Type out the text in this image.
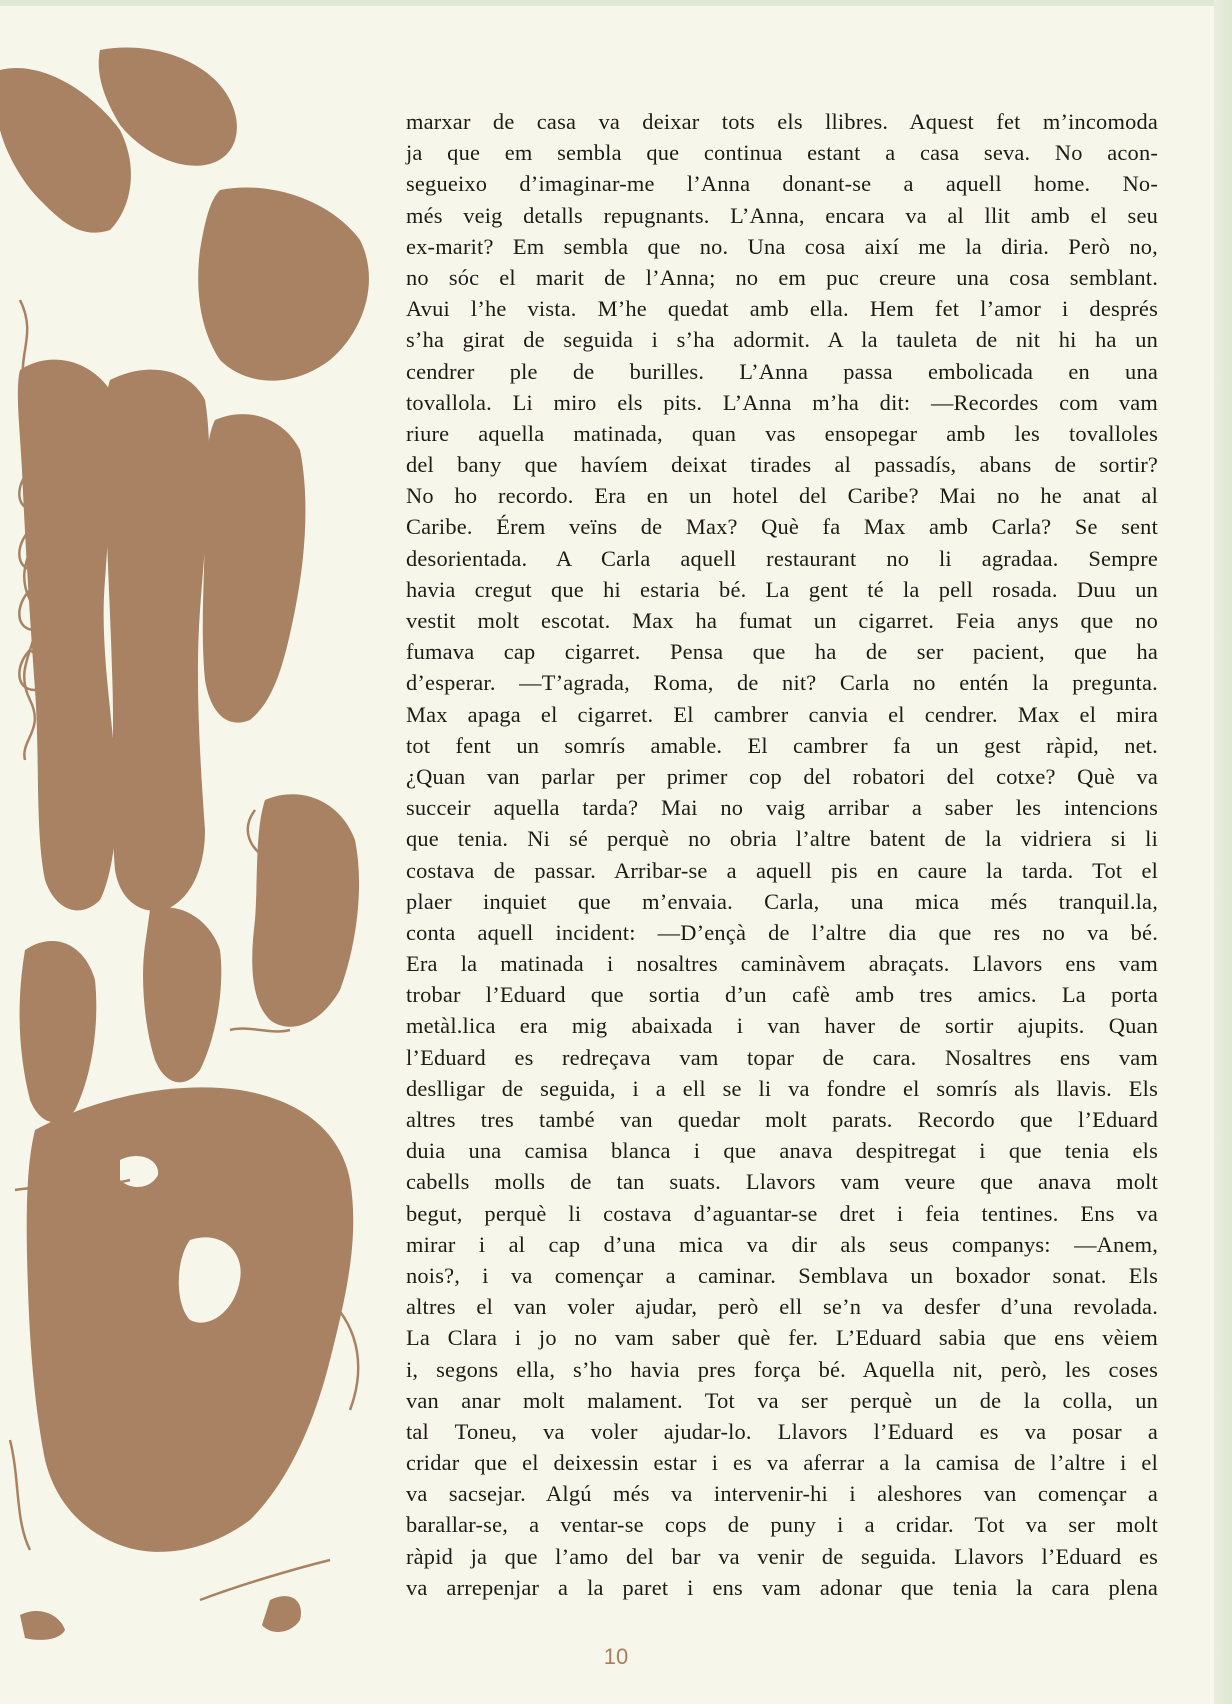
marxar de casa va deixar tots els llibres. Aquest fet m’incomoda
ja que em sembla que continua estant a casa seva. No acon-
segueixo d’imaginar-me l’Anna donant-se a aquell home. No-
més veig detalls repugnants. L’Anna, encara va al llit amb el seu
ex-marit? Em sembla que no. Una cosa així me la diria. Però no,
no sóc el marit de l’Anna; no em puc creure una cosa semblant.
Avui l’he vista. M’he quedat amb ella. Hem fet l’amor i després
s’ha girat de seguida i s’ha adormit. A la tauleta de nit hi ha un
cendrer ple de burilles. L’Anna passa embolicada en una
tovallola. Li miro els pits. L’Anna m’ha dit: —Recordes com vam
riure aquella matinada, quan vas ensopegar amb les tovalloles
del bany que havíem deixat tirades al passadís, abans de sortir?
No ho recordo. Era en un hotel del Caribe? Mai no he anat al
Caribe. Érem veïns de Max? Què fa Max amb Carla? Se sent
desorientada. A Carla aquell restaurant no li agradaa. Sempre
havia cregut que hi estaria bé. La gent té la pell rosada. Duu un
vestit molt escotat. Max ha fumat un cigarret. Feia anys que no
fumava cap cigarret. Pensa que ha de ser pacient, que ha
d’esperar. —T’agrada, Roma, de nit? Carla no entén la pregunta.
Max apaga el cigarret. El cambrer canvia el cendrer. Max el mira
tot fent un somrís amable. El cambrer fa un gest ràpid, net.
¿Quan van parlar per primer cop del robatori del cotxe? Què va
succeir aquella tarda? Mai no vaig arribar a saber les intencions
que tenia. Ni sé perquè no obria l’altre batent de la vidriera si li
costava de passar. Arribar-se a aquell pis en caure la tarda. Tot el
plaer inquiet que m’envaia. Carla, una mica més tranquil.la,
conta aquell incident: —D’ençà de l’altre dia que res no va bé.
Era la matinada i nosaltres caminàvem abraçats. Llavors ens vam
trobar l’Eduard que sortia d’un cafè amb tres amics. La porta
metàl.lica era mig abaixada i van haver de sortir ajupits. Quan
l’Eduard es redreçava vam topar de cara. Nosaltres ens vam
deslligar de seguida, i a ell se li va fondre el somrís als llavis. Els
altres tres també van quedar molt parats. Recordo que l’Eduard
duia una camisa blanca i que anava despitregat i que tenia els
cabells molls de tan suats. Llavors vam veure que anava molt
begut, perquè li costava d’aguantar-se dret i feia tentines. Ens va
mirar i al cap d’una mica va dir als seus companys: —Anem,
nois?, i va començar a caminar. Semblava un boxador sonat. Els
altres el van voler ajudar, però ell se’n va desfer d’una revolada.
La Clara i jo no vam saber què fer. L’Eduard sabia que ens vèiem
i, segons ella, s’ho havia pres força bé. Aquella nit, però, les coses
van anar molt malament. Tot va ser perquè un de la colla, un
tal Toneu, va voler ajudar-lo. Llavors l’Eduard es va posar a
cridar que el deixessin estar i es va aferrar a la camisa de l’altre i el
va sacsejar. Algú més va intervenir-hi i aleshores van començar a
barallar-se, a ventar-se cops de puny i a cridar. Tot va ser molt
ràpid ja que l’amo del bar va venir de seguida. Llavors l’Eduard es
va arrepenjar a la paret i ens vam adonar que tenia la cara plena
10
